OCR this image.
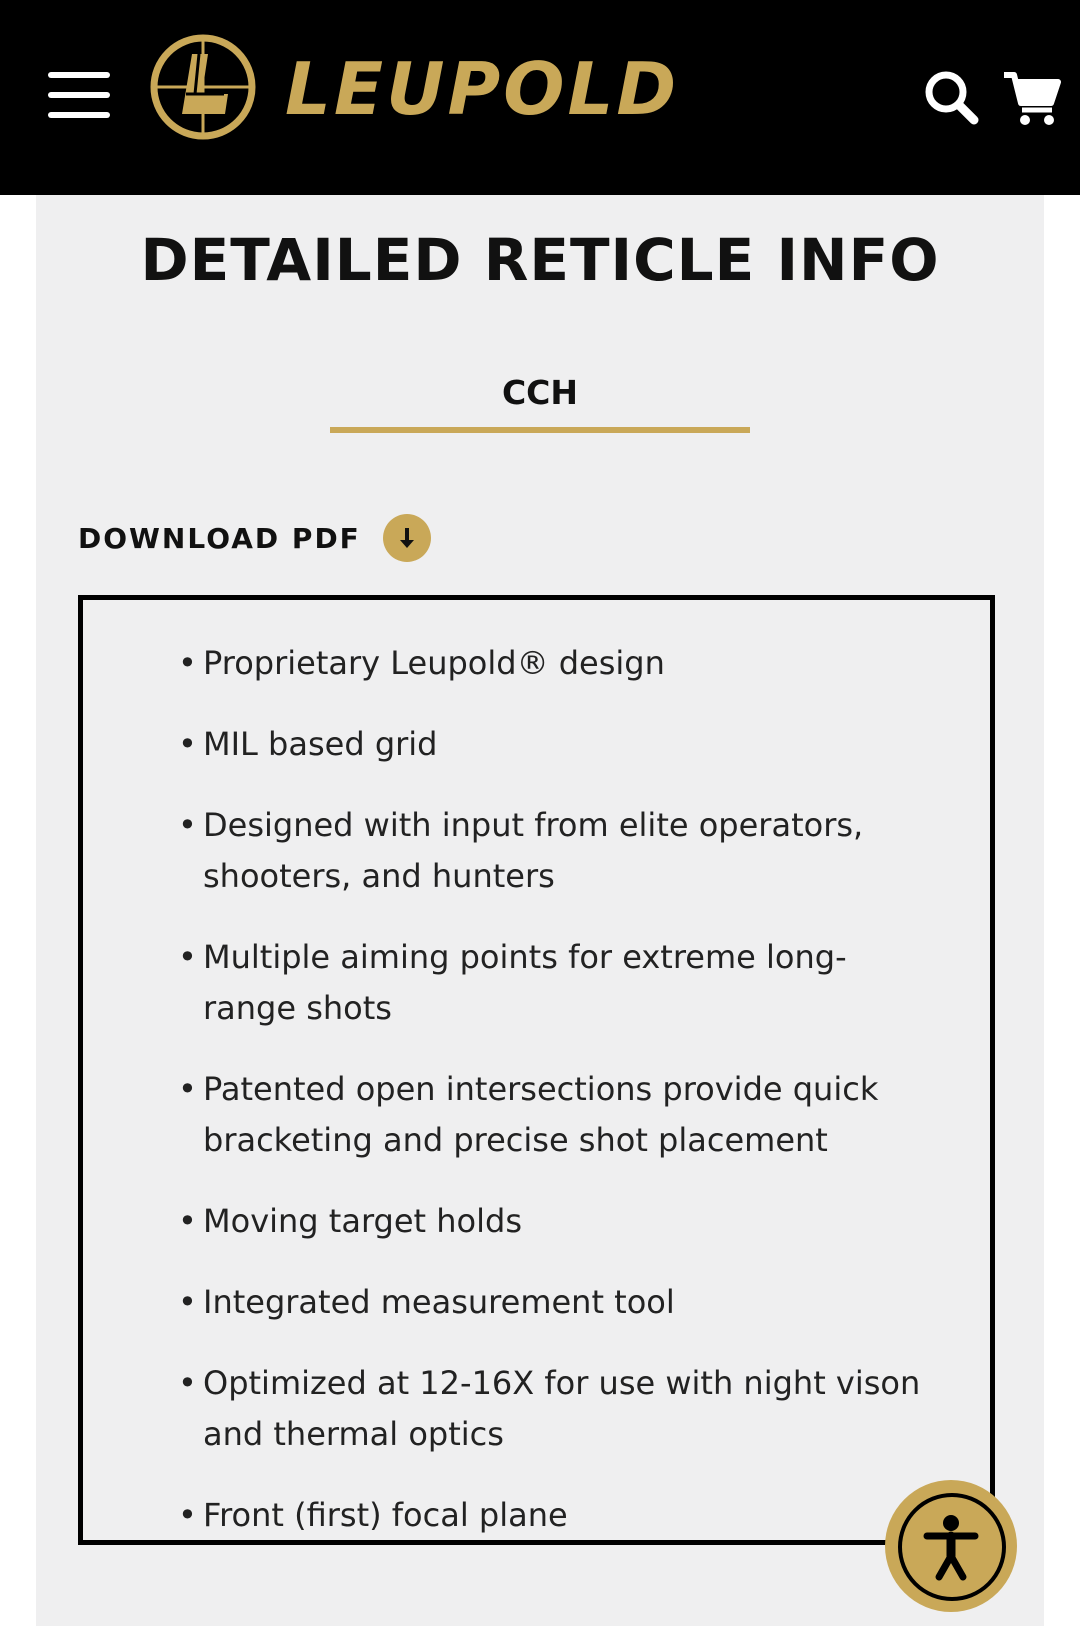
LEUPOLD
DETAILED RETICLE INFO
CCH
DOWNLOAD PDF
• Proprietary Leupold® design
• MIL based grid
• Designed with input from elite operators, shooters, and hunters
• Multiple aiming points for extreme long-range shots
• Patented open intersections provide quick bracketing and precise shot placement
• Moving target holds
• Integrated measurement tool
• Optimized at 12-16X for use with night vison and thermal optics
• Front (first) focal plane
